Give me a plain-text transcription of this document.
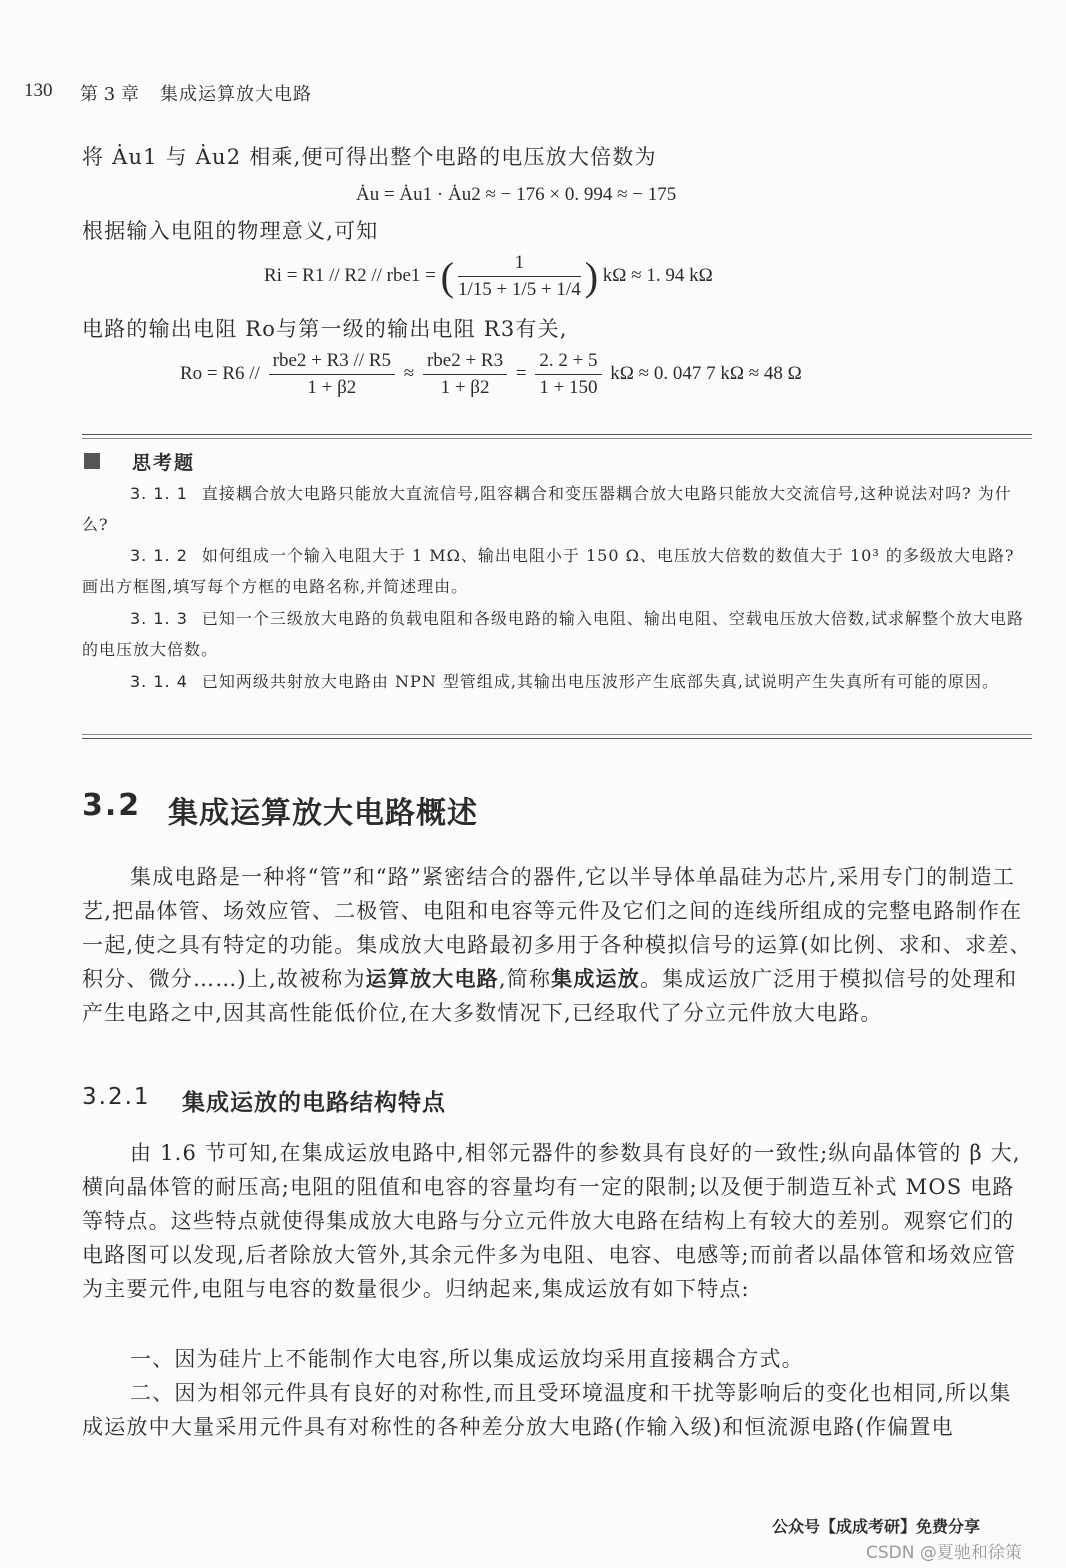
130 第 3 章 集成运算放大电路
将 Ȧu1 与 Ȧu2 相乘,便可得出整个电路的电压放大倍数为
Ȧu = Ȧu1 · Ȧu2 ≈ − 176 × 0. 994 ≈ − 175
根据输入电阻的物理意义,可知
Ri = R1 // R2 // rbe1 = ( $\frac{1}{1/15 + 1/5 + 1/4}$ ) kΩ ≈ 1. 94 kΩ
电路的输出电阻 Ro与第一级的输出电阻 R3有关,
$Ro = R6 // \frac{\text{rbe2 + R3 // R5}}{1 + \beta 2} \approx \frac{\text{rbe2 + R3}}{1 + \beta 2} = \frac{2. 2 + 5}{1 + 150}$ kΩ ≈ 0. 047 7 kΩ ≈ 48 Ω
思考题
3. 1. 1 直接耦合放大电路只能放大直流信号,阻容耦合和变压器耦合放大电路只能放大交流信号,这种说法对吗? 为什么?
3. 1. 2 如何组成一个输入电阻大于 1 MΩ、输出电阻小于 150 Ω、电压放大倍数的数值大于 10³ 的多级放大电路? 画出方框图,填写每个方框的电路名称,并简述理由。
3. 1. 3 已知一个三级放大电路的负载电阻和各级电路的输入电阻、输出电阻、空载电压放大倍数,试求解整个放大电路的电压放大倍数。
3. 1. 4 已知两级共射放大电路由 NPN 型管组成,其输出电压波形产生底部失真,试说明产生失真所有可能的原因。
3.2 集成运算放大电路概述
集成电路是一种将“管”和“路”紧密结合的器件,它以半导体单晶硅为芯片,采用专门的制造工艺,把晶体管、场效应管、二极管、电阻和电容等元件及它们之间的连线所组成的完整电路制作在一起,使之具有特定的功能。集成放大电路最初多用于各种模拟信号的运算(如比例、求和、求差、积分、微分……)上,故被称为运算放大电路,简称集成运放。集成运放广泛用于模拟信号的处理和产生电路之中,因其高性能低价位,在大多数情况下,已经取代了分立元件放大电路。
3.2.1 集成运放的电路结构特点
由 1.6 节可知,在集成运放电路中,相邻元器件的参数具有良好的一致性;纵向晶体管的 β 大,横向晶体管的耐压高;电阻的阻值和电容的容量均有一定的限制;以及便于制造互补式 MOS 电路等特点。这些特点就使得集成放大电路与分立元件放大电路在结构上有较大的差别。观察它们的电路图可以发现,后者除放大管外,其余元件多为电阻、电容、电感等;而前者以晶体管和场效应管为主要元件,电阻与电容的数量很少。归纳起来,集成运放有如下特点:
一、因为硅片上不能制作大电容,所以集成运放均采用直接耦合方式。
二、因为相邻元件具有良好的对称性,而且受环境温度和干扰等影响后的变化也相同,所以集成运放中大量采用元件具有对称性的各种差分放大电路(作输入级)和恒流源电路(作偏置电
公众号【成成考研】免费分享
CSDN @夏驰和徐策
